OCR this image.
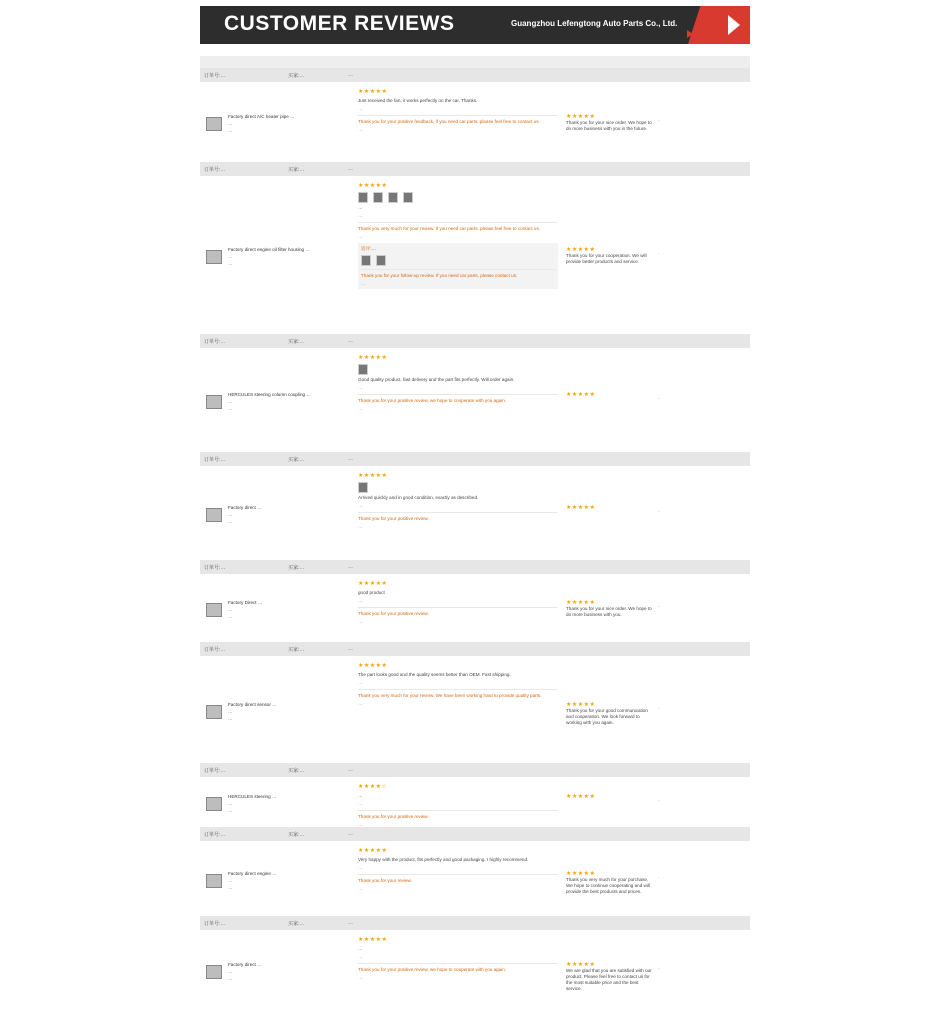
CUSTOMER REVIEWS	Guangzhou Lefengtong Auto Parts Co., Ltd.
订单号:…	买家:…	…
Factory direct A/C heater pipe …
…
…
★★★★★
Just received the fan, it works perfectly on the car. Thanks.
…
Thank you for your positive feedback, if you need car parts, please feel free to contact us.
…
★★★★★
Thank you for your nice order. We hope to do more business with you in the future.
·
订单号:…	买家:…	…
Factory direct engine oil filter housing …
…
…
★★★★★
…
…
Thank you very much for your review. If you need car parts, please feel free to contact us.
…
追评:…
Thank you for your follow-up review. If you need car parts, please contact us.
…
★★★★★
Thank you for your cooperation. We will provide better products and service.
·
订单号:…	买家:…	…
HERCULES steering column coupling …
…
…
★★★★★
Good quality product, fast delivery and the part fits perfectly. Will order again.
…
Thank you for your positive review, we hope to cooperate with you again.
…
★★★★★
·
订单号:…	买家:…	…
Factory direct …
…
…
★★★★★
Arrived quickly and in good condition, exactly as described.
…
Thank you for your positive review.
…
★★★★★
·
订单号:…	买家:…	…
Factory Direct …
…
…
★★★★★
good product
…
Thank you for your positive review.
…
★★★★★
Thank you for your nice order. We hope to do more business with you.
·
订单号:…	买家:…	…
Factory direct sensor …
…
…
★★★★★
The part looks good and the quality seems better than OEM. Fast shipping.
…
Thank you very much for your review. We have been working hard to provide quality parts.
…	★★★★★
Thank you for your good communication and cooperation. We look forward to working with you again.
·
订单号:…	买家:…	…
HERCULES steering …
…
…
★★★★☆
…
…
Thank you for your positive review.
…
★★★★★
·
订单号:…	买家:…	…
Factory direct engine …
…
…
★★★★★
Very happy with the product, fits perfectly and good packaging. I highly recommend.
…
Thank you for your review.
…
★★★★★
Thank you very much for your purchase. We hope to continue cooperating and will provide the best products and prices.
·
订单号:…	买家:…	…
Factory direct …
…
…
★★★★★
…
…
Thank you for your positive review, we hope to cooperate with you again.
…
★★★★★
We are glad that you are satisfied with our product. Please feel free to contact us for the most suitable price and the best service.
·
